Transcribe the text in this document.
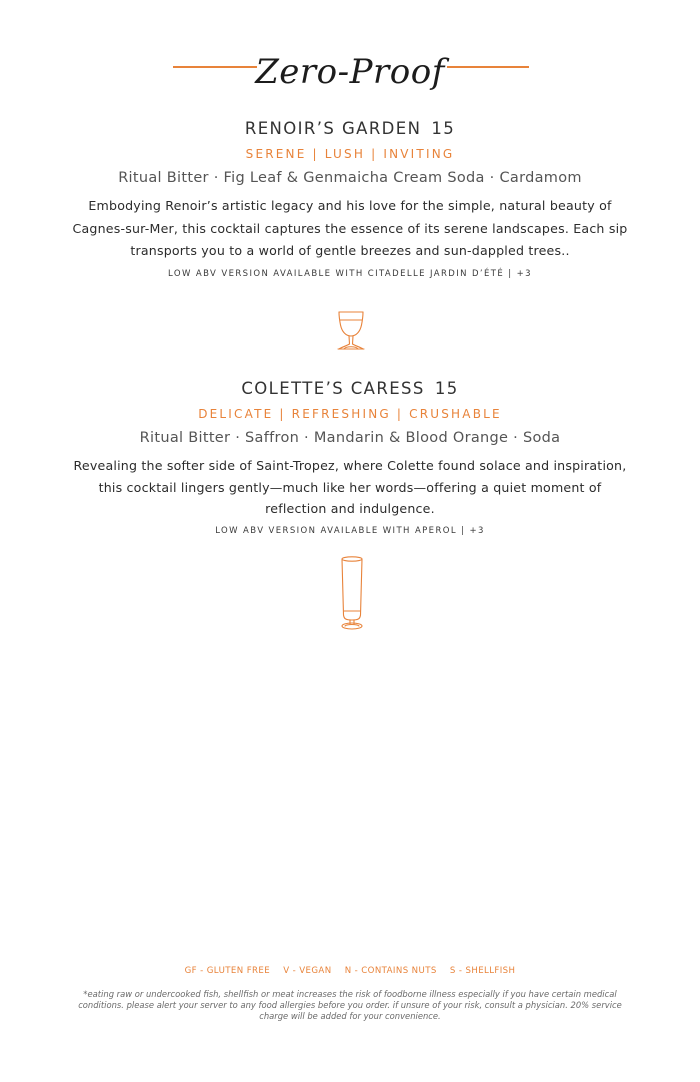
Zero-Proof
RENOIR’S GARDEN 15
SERENE | LUSH | INVITING
Ritual Bitter · Fig Leaf & Genmaicha Cream Soda · Cardamom
Embodying Renoir’s artistic legacy and his love for the simple, natural beauty of Cagnes-sur-Mer, this cocktail captures the essence of its serene landscapes. Each sip transports you to a world of gentle breezes and sun-dappled trees..
LOW ABV VERSION AVAILABLE WITH CITADELLE JARDIN D’ÉTÉ | +3
COLETTE’S CARESS 15
DELICATE | REFRESHING | CRUSHABLE
Ritual Bitter · Saffron · Mandarin & Blood Orange · Soda
Revealing the softer side of Saint-Tropez, where Colette found solace and inspiration, this cocktail lingers gently—much like her words—offering a quiet moment of reflection and indulgence.
LOW ABV VERSION AVAILABLE WITH APEROL | +3
GF - GLUTEN FREE V - VEGAN N - CONTAINS NUTS S - SHELLFISH
*eating raw or undercooked fish, shellfish or meat increases the risk of foodborne illness especially if you have certain medical conditions. please alert your server to any food allergies before you order. if unsure of your risk, consult a physician. 20% service charge will be added for your convenience.
